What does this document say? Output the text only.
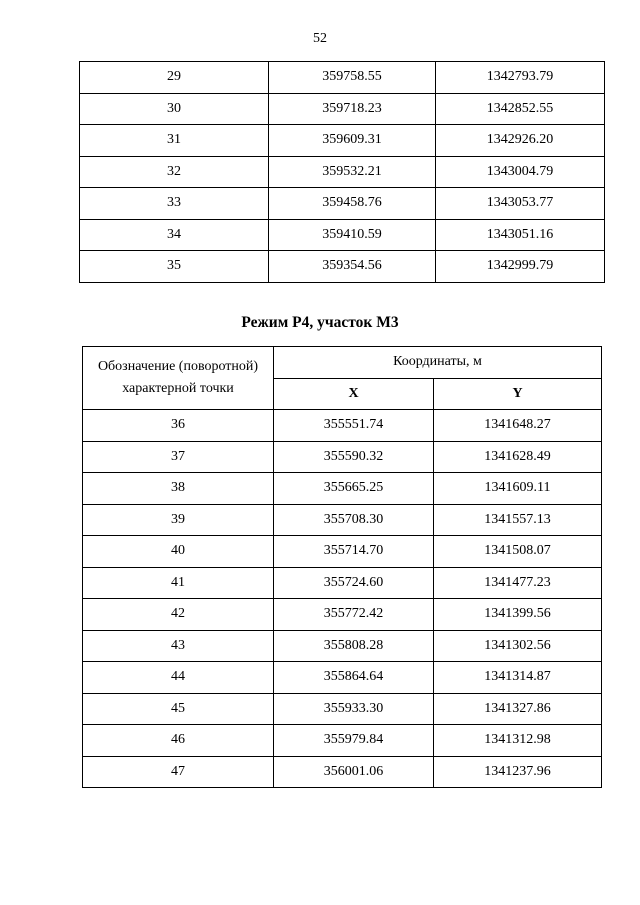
52
29	359758.55	1342793.79
30	359718.23	1342852.55
31	359609.31	1342926.20
32	359532.21	1343004.79
33	359458.76	1343053.77
34	359410.59	1343051.16
35	359354.56	1342999.79
Режим Р4, участок М3
Обозначение (поворотной)
характерной точки	Координаты, м	
	X	Y
36	355551.74	1341648.27
37	355590.32	1341628.49
38	355665.25	1341609.11
39	355708.30	1341557.13
40	355714.70	1341508.07
41	355724.60	1341477.23
42	355772.42	1341399.56
43	355808.28	1341302.56
44	355864.64	1341314.87
45	355933.30	1341327.86
46	355979.84	1341312.98
47	356001.06	1341237.96
